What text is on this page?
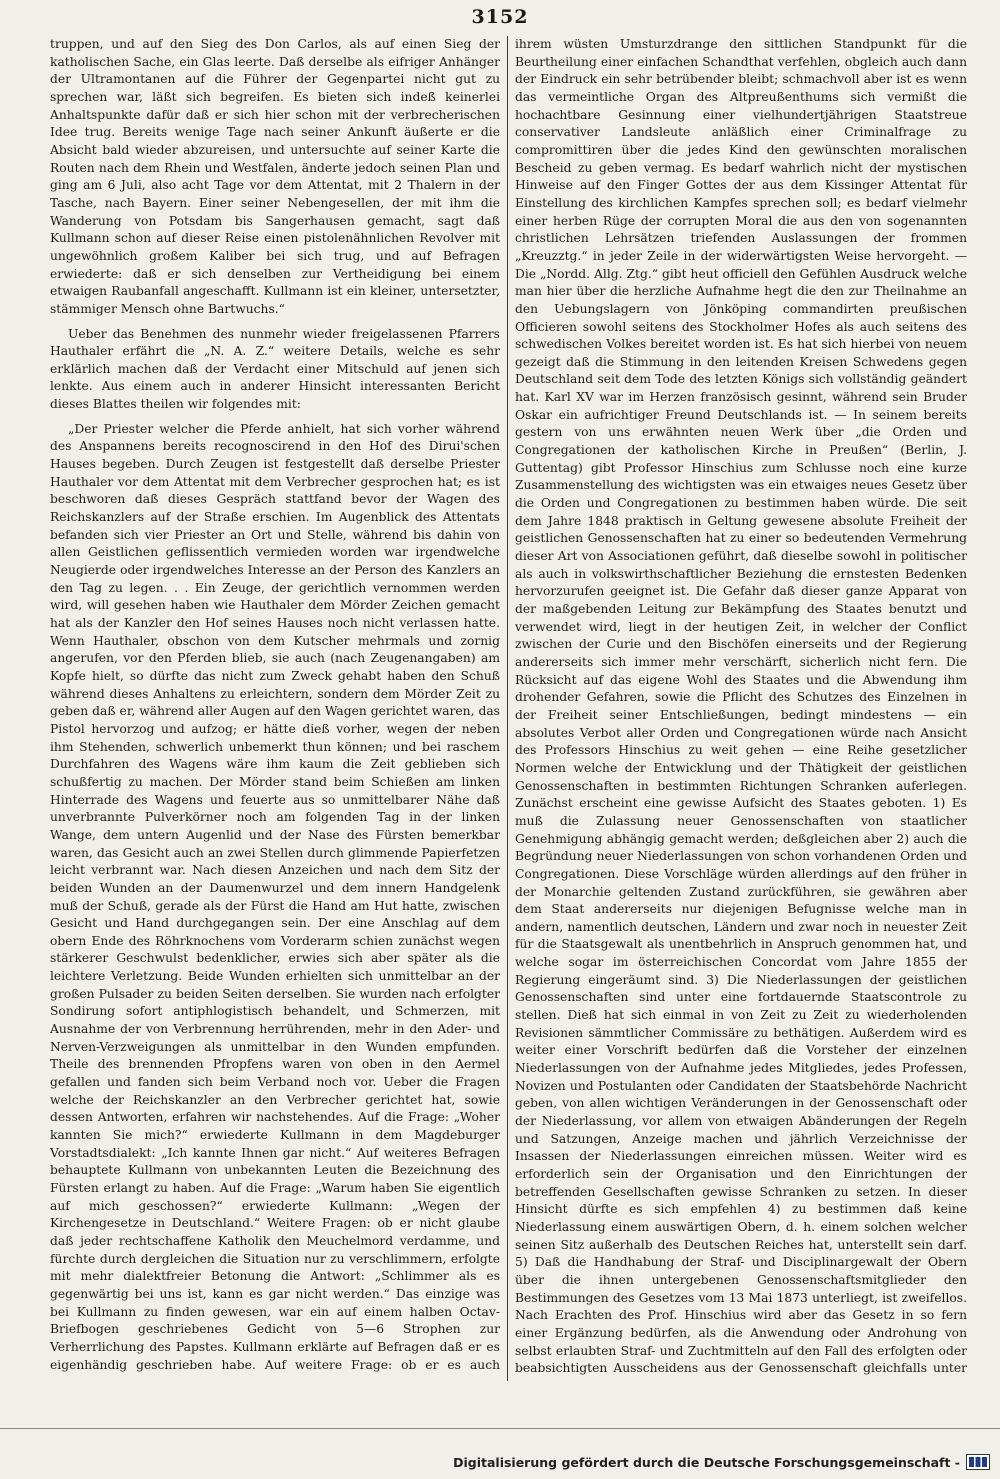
3152

truppen, und auf den Sieg des Don Carlos, als auf einen Sieg der katholischen Sache, ein Glas leerte. Daß derselbe als eifriger Anhänger der Ultramontanen auf die Führer der Gegenpartei nicht gut zu sprechen war, läßt sich begreifen. Es bieten sich indeß keinerlei Anhaltspunkte dafür daß er sich hier schon mit der verbrecherischen Idee trug. Bereits wenige Tage nach seiner Ankunft äußerte er die Absicht bald wieder abzureisen, und untersuchte auf seiner Karte die Routen nach dem Rhein und Westfalen, änderte jedoch seinen Plan und ging am 6 Juli, also acht Tage vor dem Attentat, mit 2 Thalern in der Tasche, nach Bayern. Einer seiner Nebengesellen, der mit ihm die Wanderung von Potsdam bis Sangerhausen gemacht, sagt daß Kullmann schon auf dieser Reise einen pistolenähnlichen Revolver mit ungewöhnlich großem Kaliber bei sich trug, und auf Befragen erwiederte: daß er sich denselben zur Vertheidigung bei einem etwaigen Raubanfall angeschafft. Kullmann ist ein kleiner, untersetzter, stämmiger Mensch ohne Bartwuchs.“

Ueber das Benehmen des nunmehr wieder freigelassenen Pfarrers Hauthaler erfährt die „N. A. Z.“ weitere Details, welche es sehr erklärlich machen daß der Verdacht einer Mitschuld auf jenen sich lenkte. Aus einem auch in anderer Hinsicht interessanten Bericht dieses Blattes theilen wir folgendes mit:

„Der Priester welcher die Pferde anhielt, hat sich vorher während des Anspannens bereits recognoscirend in den Hof des Dirui'schen Hauses begeben. Durch Zeugen ist festgestellt daß derselbe Priester Hauthaler vor dem Attentat mit dem Verbrecher gesprochen hat; es ist beschworen daß dieses Gespräch stattfand bevor der Wagen des Reichskanzlers auf der Straße erschien. Im Augenblick des Attentats befanden sich vier Priester an Ort und Stelle, während bis dahin von allen Geistlichen geflissentlich vermieden worden war irgendwelche Neugierde oder irgendwelches Interesse an der Person des Kanzlers an den Tag zu legen. . . Ein Zeuge, der gerichtlich vernommen werden wird, will gesehen haben wie Hauthaler dem Mörder Zeichen gemacht hat als der Kanzler den Hof seines Hauses noch nicht verlassen hatte. Wenn Hauthaler, obschon von dem Kutscher mehrmals und zornig angerufen, vor den Pferden blieb, sie auch (nach Zeugenangaben) am Kopfe hielt, so dürfte das nicht zum Zweck gehabt haben den Schuß während dieses Anhaltens zu erleichtern, sondern dem Mörder Zeit zu geben daß er, während aller Augen auf den Wagen gerichtet waren, das Pistol hervorzog und aufzog; er hätte dieß vorher, wegen der neben ihm Stehenden, schwerlich unbemerkt thun können; und bei raschem Durchfahren des Wagens wäre ihm kaum die Zeit geblieben sich schußfertig zu machen. Der Mörder stand beim Schießen am linken Hinterrade des Wagens und feuerte aus so unmittelbarer Nähe daß unverbrannte Pulverkörner noch am folgenden Tag in der linken Wange, dem untern Augenlid und der Nase des Fürsten bemerkbar waren, das Gesicht auch an zwei Stellen durch glimmende Papierfetzen leicht verbrannt war. Nach diesen Anzeichen und nach dem Sitz der beiden Wunden an der Daumenwurzel und dem innern Handgelenk muß der Schuß, gerade als der Fürst die Hand am Hut hatte, zwischen Gesicht und Hand durchgegangen sein. Der eine Anschlag auf dem obern Ende des Röhrknochens vom Vorderarm schien zunächst wegen stärkerer Geschwulst bedenklicher, erwies sich aber später als die leichtere Verletzung. Beide Wunden erhielten sich unmittelbar an der großen Pulsader zu beiden Seiten derselben. Sie wurden nach erfolgter Sondirung sofort antiphlogistisch behandelt, und Schmerzen, mit Ausnahme der von Verbrennung herrührenden, mehr in den Ader- und Nerven-Verzweigungen als unmittelbar in den Wunden empfunden. Theile des brennenden Pfropfens waren von oben in den Aermel gefallen und fanden sich beim Verband noch vor. Ueber die Fragen welche der Reichskanzler an den Verbrecher gerichtet hat, sowie dessen Antworten, erfahren wir nachstehendes. Auf die Frage: „Woher kannten Sie mich?“ erwiederte Kullmann in dem Magdeburger Vorstadtsdialekt: „Ich kannte Ihnen gar nicht.“ Auf weiteres Befragen behauptete Kullmann von unbekannten Leuten die Bezeichnung des Fürsten erlangt zu haben. Auf die Frage: „Warum haben Sie eigentlich auf mich geschossen?“ erwiederte Kullmann: „Wegen der Kirchengesetze in Deutschland.“ Weitere Fragen: ob er nicht glaube daß jeder rechtschaffene Katholik den Meuchelmord verdamme, und fürchte durch dergleichen die Situation nur zu verschlimmern, erfolgte mit mehr dialektfreier Betonung die Antwort: „Schlimmer als es gegenwärtig bei uns ist, kann es gar nicht werden.“ Das einzige was bei Kullmann zu finden gewesen, war ein auf einem halben Octav-Briefbogen geschriebenes Gedicht von 5—6 Strophen zur Verherrlichung des Papstes. Kullmann erklärte auf Befragen daß er es eigenhändig geschrieben habe. Auf weitere Frage: ob er es auch

ihrem wüsten Umsturzdrange den sittlichen Standpunkt für die Beurtheilung einer einfachen Schandthat verfehlen, obgleich auch dann der Eindruck ein sehr betrübender bleibt; schmachvoll aber ist es wenn das vermeintliche Organ des Altpreußenthums sich vermißt die hochachtbare Gesinnung einer vielhundertjährigen Staatstreue conservativer Landsleute anläßlich einer Criminalfrage zu compromittiren über die jedes Kind den gewünschten moralischen Bescheid zu geben vermag. Es bedarf wahrlich nicht der mystischen Hinweise auf den Finger Gottes der aus dem Kissinger Attentat für Einstellung des kirchlichen Kampfes sprechen soll; es bedarf vielmehr einer herben Rüge der corrupten Moral die aus den von sogenannten christlichen Lehrsätzen triefenden Auslassungen der frommen „Kreuzztg.“ in jeder Zeile in der widerwärtigsten Weise hervorgeht. — Die „Nordd. Allg. Ztg.“ gibt heut officiell den Gefühlen Ausdruck welche man hier über die herzliche Aufnahme hegt die den zur Theilnahme an den Uebungslagern von Jönköping commandirten preußischen Officieren sowohl seitens des Stockholmer Hofes als auch seitens des schwedischen Volkes bereitet worden ist. Es hat sich hierbei von neuem gezeigt daß die Stimmung in den leitenden Kreisen Schwedens gegen Deutschland seit dem Tode des letzten Königs sich vollständig geändert hat. Karl XV war im Herzen französisch gesinnt, während sein Bruder Oskar ein aufrichtiger Freund Deutschlands ist. — In seinem bereits gestern von uns erwähnten neuen Werk über „die Orden und Congregationen der katholischen Kirche in Preußen“ (Berlin, J. Guttentag) gibt Professor Hinschius zum Schlusse noch eine kurze Zusammenstellung des wichtigsten was ein etwaiges neues Gesetz über die Orden und Congregationen zu bestimmen haben würde. Die seit dem Jahre 1848 praktisch in Geltung gewesene absolute Freiheit der geistlichen Genossenschaften hat zu einer so bedeutenden Vermehrung dieser Art von Associationen geführt, daß dieselbe sowohl in politischer als auch in volkswirthschaftlicher Beziehung die ernstesten Bedenken hervorzurufen geeignet ist. Die Gefahr daß dieser ganze Apparat von der maßgebenden Leitung zur Bekämpfung des Staates benutzt und verwendet wird, liegt in der heutigen Zeit, in welcher der Conflict zwischen der Curie und den Bischöfen einerseits und der Regierung andererseits sich immer mehr verschärft, sicherlich nicht fern. Die Rücksicht auf das eigene Wohl des Staates und die Abwendung ihm drohender Gefahren, sowie die Pflicht des Schutzes des Einzelnen in der Freiheit seiner Entschließungen, bedingt mindestens — ein absolutes Verbot aller Orden und Congregationen würde nach Ansicht des Professors Hinschius zu weit gehen — eine Reihe gesetzlicher Normen welche der Entwicklung und der Thätigkeit der geistlichen Genossenschaften in bestimmten Richtungen Schranken auferlegen. Zunächst erscheint eine gewisse Aufsicht des Staates geboten. 1) Es muß die Zulassung neuer Genossenschaften von staatlicher Genehmigung abhängig gemacht werden; deßgleichen aber 2) auch die Begründung neuer Niederlassungen von schon vorhandenen Orden und Congregationen. Diese Vorschläge würden allerdings auf den früher in der Monarchie geltenden Zustand zurückführen, sie gewähren aber dem Staat andererseits nur diejenigen Befugnisse welche man in andern, namentlich deutschen, Ländern und zwar noch in neuester Zeit für die Staatsgewalt als unentbehrlich in Anspruch genommen hat, und welche sogar im österreichischen Concordat vom Jahre 1855 der Regierung eingeräumt sind. 3) Die Niederlassungen der geistlichen Genossenschaften sind unter eine fortdauernde Staatscontrole zu stellen. Dieß hat sich einmal in von Zeit zu Zeit zu wiederholenden Revisionen sämmtlicher Commissäre zu bethätigen. Außerdem wird es weiter einer Vorschrift bedürfen daß die Vorsteher der einzelnen Niederlassungen von der Aufnahme jedes Mitgliedes, jedes Professen, Novizen und Postulanten oder Candidaten der Staatsbehörde Nachricht geben, von allen wichtigen Veränderungen in der Genossenschaft oder der Niederlassung, vor allem von etwaigen Abänderungen der Regeln und Satzungen, Anzeige machen und jährlich Verzeichnisse der Insassen der Niederlassungen einreichen müssen. Weiter wird es erforderlich sein der Organisation und den Einrichtungen der betreffenden Gesellschaften gewisse Schranken zu setzen. In dieser Hinsicht dürfte es sich empfehlen 4) zu bestimmen daß keine Niederlassung einem auswärtigen Obern, d. h. einem solchen welcher seinen Sitz außerhalb des Deutschen Reiches hat, unterstellt sein darf. 5) Daß die Handhabung der Straf- und Disciplinargewalt der Obern über die ihnen untergebenen Genossenschaftsmitglieder den Bestimmungen des Gesetzes vom 13 Mai 1873 unterliegt, ist zweifellos. Nach Erachten des Prof. Hinschius wird aber das Gesetz in so fern einer Ergänzung bedürfen, als die Anwendung oder Androhung von selbst erlaubten Straf- und Zuchtmitteln auf den Fall des erfolgten oder beabsichtigten Ausscheidens aus der Genossenschaft gleichfalls unter

Digitalisierung gefördert durch die Deutsche Forschungsgemeinschaft -
